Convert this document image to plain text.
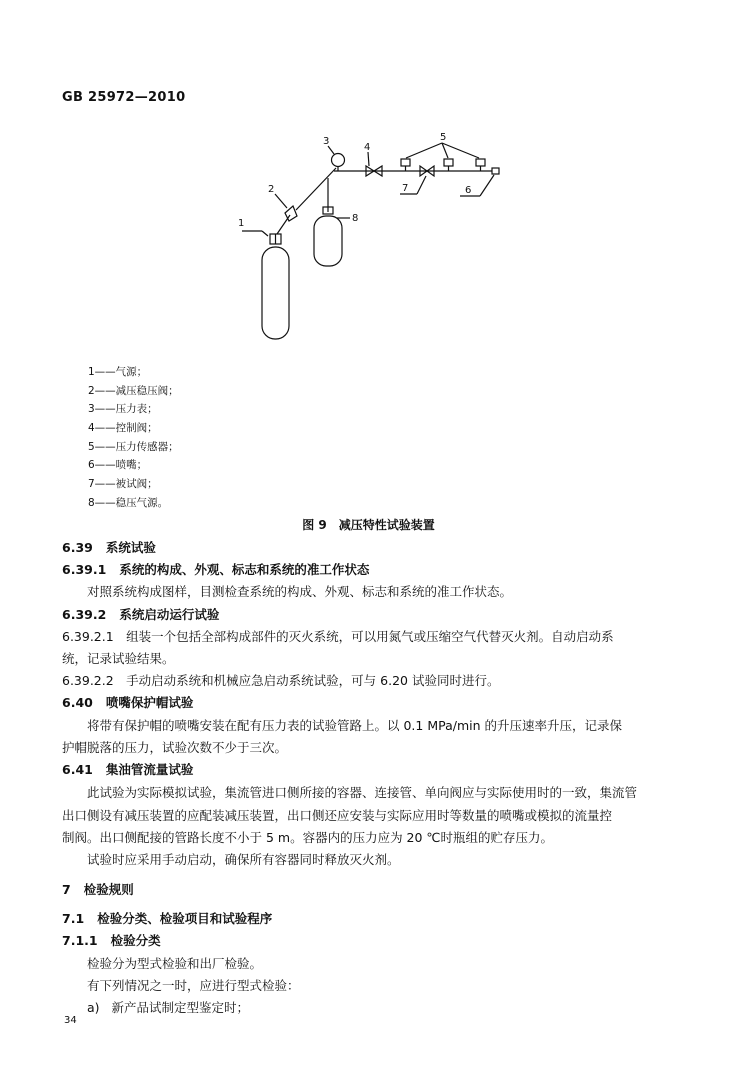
GB 25972—2010
1
2
3
4
5
6
7
8
1——气源；
2——减压稳压阀；
3——压力表；
4——控制阀；
5——压力传感器；
6——喷嘴；
7——被试阀；
8——稳压气源。
图 9　减压特性试验装置
6.39 系统试验
6.39.1 系统的构成、外观、标志和系统的准工作状态
对照系统构成图样，目测检查系统的构成、外观、标志和系统的准工作状态。
6.39.2 系统启动运行试验
6.39.2.1　组装一个包括全部构成部件的灭火系统，可以用氮气或压缩空气代替灭火剂。自动启动系
统，记录试验结果。
6.39.2.2　手动启动系统和机械应急启动系统试验，可与 6.20 试验同时进行。
6.40 喷嘴保护帽试验
将带有保护帽的喷嘴安装在配有压力表的试验管路上。以 0.1 MPa/min 的升压速率升压，记录保
护帽脱落的压力，试验次数不少于三次。
6.41 集油管流量试验
此试验为实际模拟试验，集流管进口侧所接的容器、连接管、单向阀应与实际使用时的一致，集流管
出口侧设有减压装置的应配装减压装置，出口侧还应安装与实际应用时等数量的喷嘴或模拟的流量控
制阀。出口侧配接的管路长度不小于 5 m。容器内的压力应为 20 ℃时瓶组的贮存压力。
试验时应采用手动启动，确保所有容器同时释放灭火剂。
7 检验规则
7.1 检验分类、检验项目和试验程序
7.1.1 检验分类
检验分为型式检验和出厂检验。
有下列情况之一时，应进行型式检验：
a) 新产品试制定型鉴定时；
34
